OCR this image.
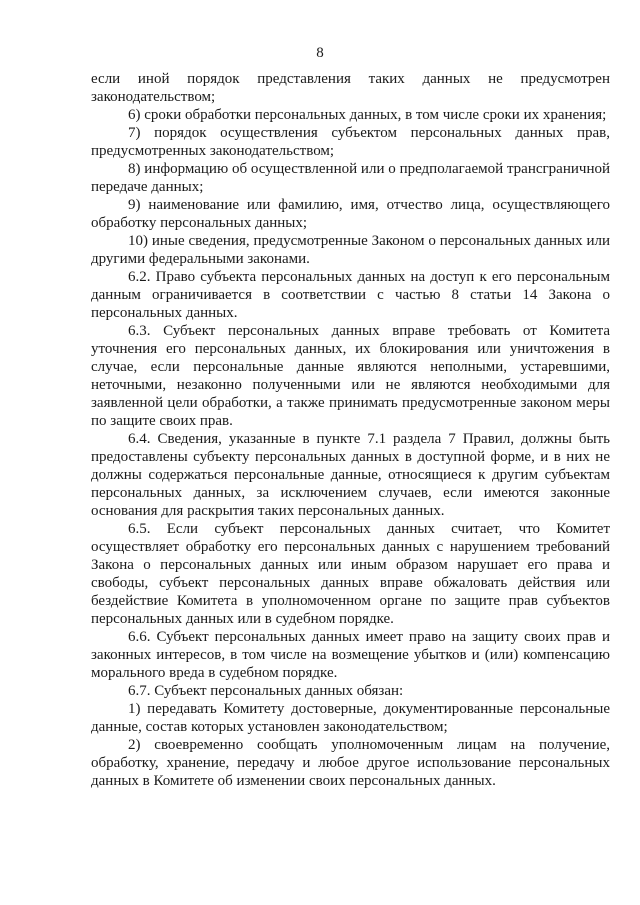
8

если иной порядок представления таких данных не предусмотрен законодательством;

6) сроки обработки персональных данных, в том числе сроки их хранения;

7) порядок осуществления субъектом персональных данных прав, предусмотренных законодательством;

8) информацию об осуществленной или о предполагаемой трансграничной передаче данных;

9) наименование или фамилию, имя, отчество лица, осуществляющего обработку персональных данных;

10) иные сведения, предусмотренные Законом о персональных данных или другими федеральными законами.

6.2. Право субъекта персональных данных на доступ к его персональным данным ограничивается в соответствии с частью 8 статьи 14 Закона о персональных данных.

6.3. Субъект персональных данных вправе требовать от Комитета уточнения его персональных данных, их блокирования или уничтожения в случае, если персональные данные являются неполными, устаревшими, неточными, незаконно полученными или не являются необходимыми для заявленной цели обработки, а также принимать предусмотренные законом меры по защите своих прав.

6.4. Сведения, указанные в пункте 7.1 раздела 7 Правил, должны быть предоставлены субъекту персональных данных в доступной форме, и в них не должны содержаться персональные данные, относящиеся к другим субъектам персональных данных, за исключением случаев, если имеются законные основания для раскрытия таких персональных данных.

6.5. Если субъект персональных данных считает, что Комитет осуществляет обработку его персональных данных с нарушением требований Закона о персональных данных или иным образом нарушает его права и свободы, субъект персональных данных вправе обжаловать действия или бездействие Комитета в уполномоченном органе по защите прав субъектов персональных данных или в судебном порядке.

6.6. Субъект персональных данных имеет право на защиту своих прав и законных интересов, в том числе на возмещение убытков и (или) компенсацию морального вреда в судебном порядке.

6.7. Субъект персональных данных обязан:

1) передавать Комитету достоверные, документированные персональные данные, состав которых установлен законодательством;

2) своевременно сообщать уполномоченным лицам на получение, обработку, хранение, передачу и любое другое использование персональных данных в Комитете об изменении своих персональных данных.
